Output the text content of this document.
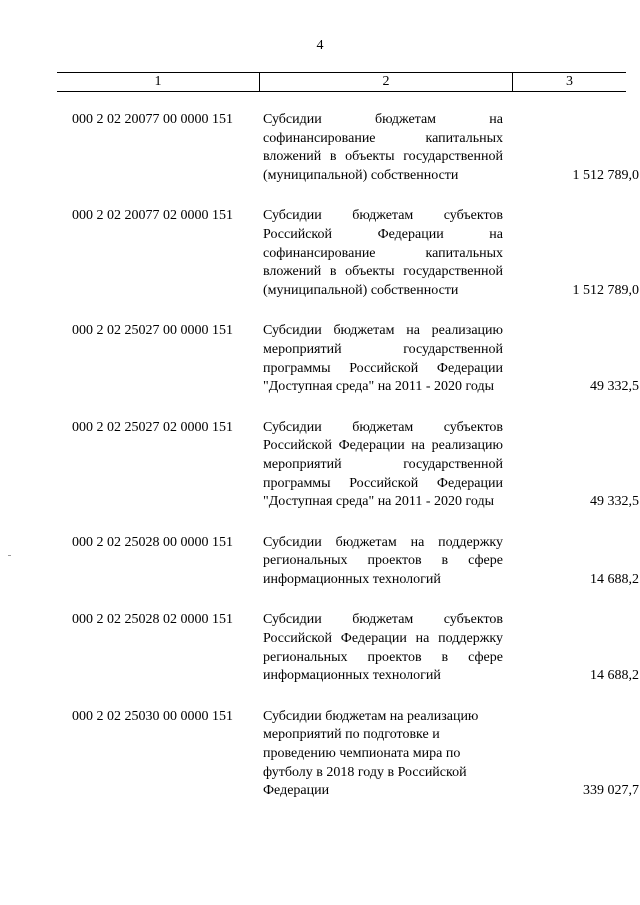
4
1	2	3
000 2 02 20077 00 0000 151	Субсидии бюджетам на софинансирование капитальных вложений в объекты государственной (муниципальной) собственности	1 512 789,0
000 2 02 20077 02 0000 151	Субсидии бюджетам субъектов Российской Федерации на софинансирование капитальных вложений в объекты государственной (муниципальной) собственности	1 512 789,0
000 2 02 25027 00 0000 151	Субсидии бюджетам на реализацию мероприятий государственной программы Российской Федерации "Доступная среда" на 2011 - 2020 годы	49 332,5
000 2 02 25027 02 0000 151	Субсидии бюджетам субъектов Российской Федерации на реализацию мероприятий государственной программы Российской Федерации "Доступная среда" на 2011 - 2020 годы	49 332,5
000 2 02 25028 00 0000 151	Субсидии бюджетам на поддержку региональных проектов в сфере информационных технологий	14 688,2
000 2 02 25028 02 0000 151	Субсидии бюджетам субъектов Российской Федерации на поддержку региональных проектов в сфере информационных технологий	14 688,2
000 2 02 25030 00 0000 151	Субсидии бюджетам на реализацию мероприятий по подготовке и проведению чемпионата мира по футболу в 2018 году в Российской Федерации	339 027,7
